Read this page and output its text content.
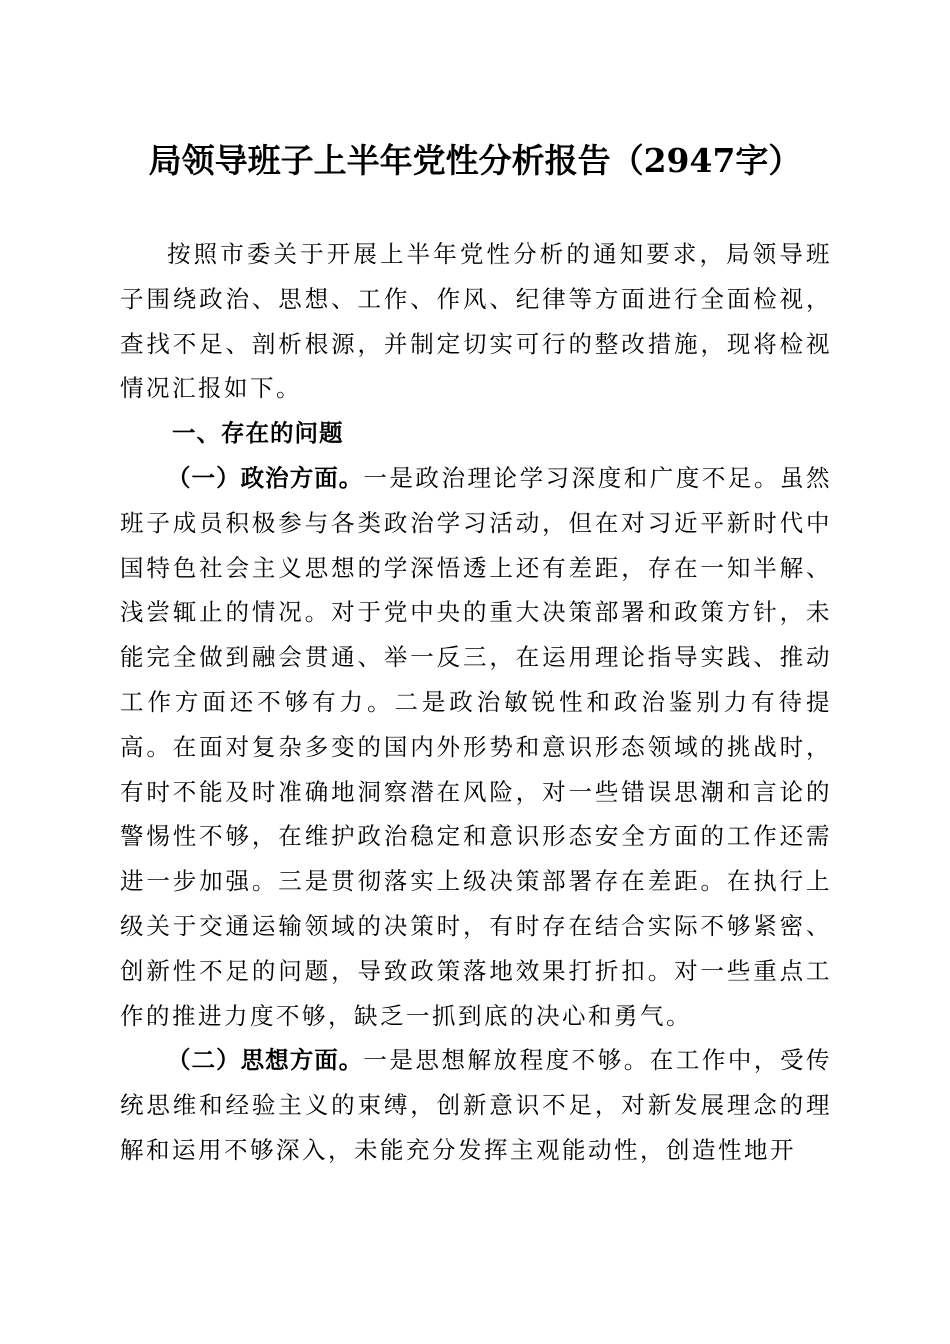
局领导班子上半年党性分析报告（2947字）

按照市委关于开展上半年党性分析的通知要求，局领导班子围绕政治、思想、工作、作风、纪律等方面进行全面检视，查找不足、剖析根源，并制定切实可行的整改措施，现将检视情况汇报如下。

一、存在的问题

（一）政治方面。一是政治理论学习深度和广度不足。虽然班子成员积极参与各类政治学习活动，但在对习近平新时代中国特色社会主义思想的学深悟透上还有差距，存在一知半解、浅尝辄止的情况。对于党中央的重大决策部署和政策方针，未能完全做到融会贯通、举一反三，在运用理论指导实践、推动工作方面还不够有力。二是政治敏锐性和政治鉴别力有待提高。在面对复杂多变的国内外形势和意识形态领域的挑战时，有时不能及时准确地洞察潜在风险，对一些错误思潮和言论的警惕性不够，在维护政治稳定和意识形态安全方面的工作还需进一步加强。三是贯彻落实上级决策部署存在差距。在执行上级关于交通运输领域的决策时，有时存在结合实际不够紧密、创新性不足的问题，导致政策落地效果打折扣。对一些重点工作的推进力度不够，缺乏一抓到底的决心和勇气。

（二）思想方面。一是思想解放程度不够。在工作中，受传统思维和经验主义的束缚，创新意识不足，对新发展理念的理解和运用不够深入，未能充分发挥主观能动性，创造性地开
